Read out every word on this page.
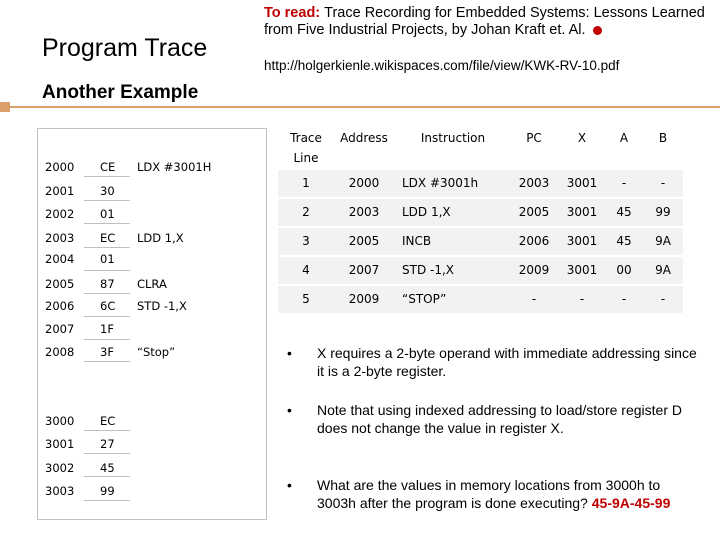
Program Trace
To read: Trace Recording for Embedded Systems: Lessons Learned from Five Industrial Projects, by Johan Kraft et. Al.
http://holgerkienle.wikispaces.com/file/view/KWK-RV-10.pdf
Another Example
2000 CE LDX #3001H
2001 30
2002 01
2003 EC LDD 1,X
2004 01
2005 87 CLRA
2006 6C STD -1,X
2007 1F
2008 3F “Stop”
3000 EC
3001 27
3002 45
3003 99
Trace
Line
Address	Instruction	PC	X	A	B
1	2000	LDX #3001h	2003	3001	-	-
2	2003	LDD 1,X	2005	3001	45	99
3	2005	INCB	2006	3001	45	9A
4	2007	STD -1,X	2009	3001	00	9A
5	2009	“STOP”	-	-	-	-
• X requires a 2-byte operand with immediate addressing since it is a 2-byte register.
• Note that using indexed addressing to load/store register D does not change the value in register X.
• What are the values in memory locations from 3000h to 3003h after the program is done executing? 45-9A-45-99
